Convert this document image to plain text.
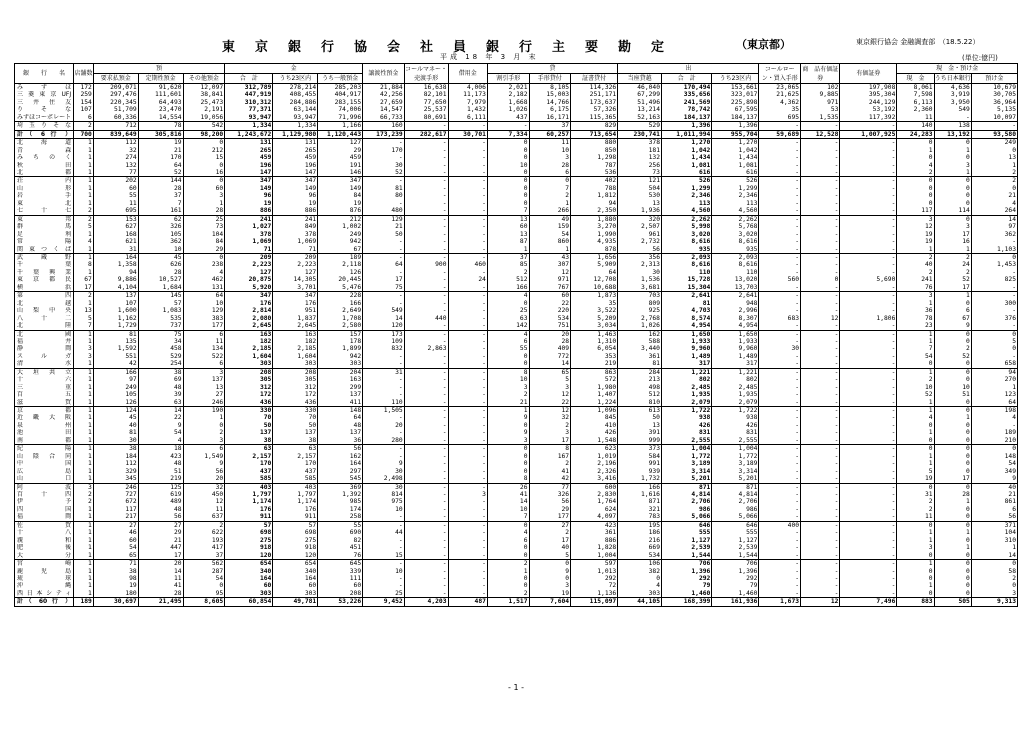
東京銀行協会社員銀行主要勘定	（東京都）	東京銀行協会 金融調査部　（18.5.22）
平成 18 年 3 月 末	(単位:億円)
銀　　行　　名	店舗数	預			金			譲渡性預金	コールマネー・売渡手形	借用金	貸			出			コールローン・買入手形	商　品有価証券	有価証券	現　金・預け金		
		要求払預金	定期性預金	その他預金	合　計	うち23区内	うち一般預金				割引手形	手形貸付	証書貸付	当座貸越	合　計	うち23区内				現　金	うち日本銀行	預け金
み ず ほ	172	209,071	91,620	12,097	312,789	278,214	285,203	21,884	16,638	4,006	2,021	8,105	114,326	46,040	170,494	153,661	23,065	102	197,908	8,061	4,636	10,679
三菱東京UFJ	259	297,476	111,601	38,841	447,919	408,455	404,917	42,256	82,101	11,173	2,182	15,003	251,171	67,299	335,656	323,017	21,625	9,885	395,304	7,598	3,919	30,705
三 井 住 友	154	220,345	64,493	25,473	310,312	284,886	283,155	27,659	77,650	7,979	1,668	14,766	173,637	51,496	241,569	225,898	4,362	971	244,129	6,113	3,950	36,964
り そ な	107	51,709	23,470	2,191	77,371	63,144	74,006	14,547	25,537	1,432	1,026	6,175	57,326	13,214	78,742	67,595	35	53	53,192	2,360	549	5,135
みずほコーポレート	6	60,336	14,554	19,056	93,947	93,947	71,996	66,733	80,691	6,111	437	16,171	115,365	52,163	184,137	184,137	695	1,535	117,392	11	-	10,097
埼 玉 り そ な	2	712	78	542	1,334	1,334	1,166	160	-	-	-	37	829	529	1,396	1,396	-	-	-	140	138	-
計（ 6 行 ）	700	839,649	305,816	98,200	1,243,672	1,129,980	1,120,443	173,239	282,617	30,701	7,334	60,257	713,654	230,741	1,011,994	955,704	59,689	12,528	1,007,925	24,283	13,192	93,580
北 海 道	1	112	19	0	131	131	127	-	-	-	0	11	880	378	1,270	1,270	-	-	-	0	0	249
青 森	1	32	21	212	265	265	29	170	-	-	0	10	850	181	1,042	1,042	-	-	-	1	1	0
み ち の く	1	274	170	15	459	459	459	-	-	-	0	3	1,298	132	1,434	1,434	-	-	-	0	0	13
秋 田	1	132	64	0	196	196	191	30	-	-	10	28	787	256	1,081	1,081	-	-	-	4	3	1
北 都	1	77	52	16	147	147	146	52	-	-	0	6	536	73	616	616	-	-	-	2	1	2
荘 内	1	202	144	0	347	347	347	-	-	-	0	0	402	121	526	526	-	-	-	0	0	2
山 形	1	60	28	60	149	149	149	81	-	-	0	7	788	504	1,299	1,299	-	-	-	0	0	0
岩 手	1	55	37	3	96	96	84	80	-	-	0	2	1,812	530	2,346	2,346	-	-	-	0	0	21
東 北	1	11	7	1	19	19	19	-	-	-	0	1	94	13	113	113	-	-	-	0	0	4
七 十 七	2	695	161	28	886	886	876	480	-	-	7	266	2,350	1,936	4,560	4,560	-	-	-	117	114	264
東 邦	2	153	62	25	241	241	212	129	-	-	13	49	1,880	320	2,262	2,262	-	-	-	3	0	14
群 馬	5	627	326	73	1,027	849	1,002	21	-	-	60	159	3,270	2,507	5,998	5,768	-	-	-	12	3	97
足 利	1	168	105	104	378	378	249	50	-	-	13	54	1,990	961	3,020	3,020	-	-	-	19	17	362
常 陽	4	621	362	84	1,069	1,069	942	-	-	-	87	860	4,935	2,732	8,616	8,616	-	-	-	19	16	-
関東つくば	1	31	10	29	71	71	67	-	-	-	1	1	878	56	935	935	-	-	-	1	1	1,103
武 蔵 野	1	164	45	0	209	209	189	-	-	-	37	43	1,656	356	2,093	2,093	-	-	-	2	2	0
千 葉	8	1,358	626	238	2,223	2,223	2,118	64	900	460	85	307	5,909	2,313	8,616	8,616	-	-	-	40	24	1,453
千 葉 興 業	1	94	28	4	127	127	126	-	-	-	2	12	64	30	110	110	-	-	-	2	2	-
東 京 都 民	67	9,886	10,527	462	20,875	14,305	20,445	17	-	24	512	971	12,708	1,536	15,728	13,020	560	0	5,690	241	52	825
横 浜	17	4,104	1,684	131	5,920	3,701	5,476	75	-	-	166	767	10,688	3,681	15,304	13,703	-	-	-	76	17	-
第 四	2	137	145	64	347	347	228	-	-	-	4	60	1,873	703	2,641	2,641	-	-	-	3	1	-
北 越	1	107	57	10	176	176	166	-	-	-	0	22	35	809	81	948	-	-	-	1	0	300
山 梨 中 央	13	1,600	1,083	129	2,814	951	2,649	549	-	-	25	220	3,522	925	4,703	2,996	-	-	-	36	6	-
八 十 二	5	1,162	535	383	2,080	1,837	1,708	14	440	-	63	534	5,209	2,768	8,574	8,307	683	12	1,806	78	67	376
北 陸	7	1,729	737	177	2,645	2,645	2,580	120	-	-	142	751	3,034	1,026	4,954	4,954	-	-	-	23	9	-
北 國	1	81	75	6	163	163	157	173	-	-	4	20	1,463	162	1,650	1,650	-	-	-	1	0	0
福 井	1	135	34	11	182	182	178	109	-	-	6	28	1,310	588	1,933	1,933	-	-	-	1	0	5
静 岡	3	1,592	458	134	2,185	2,185	1,899	832	2,863	-	55	409	6,054	3,440	9,960	9,960	30	-	-	7	2	0
ス ル ガ	3	551	529	522	1,604	1,604	942	-	-	-	0	772	353	361	1,489	1,489	-	-	-	54	52	-
清 水	1	42	254	6	303	303	303	-	-	-	0	14	219	81	317	317	-	-	-	0	0	658
大 垣 共 立	1	166	38	3	208	208	204	31	-	-	8	65	863	284	1,221	1,221	-	-	-	1	0	94
十 六	1	97	69	137	305	305	163	-	-	-	10	5	572	213	802	802	-	-	-	2	0	270
三 重	1	249	48	13	312	312	299	-	-	-	3	3	1,980	498	2,485	2,485	-	-	-	10	10	1
百 五	1	105	39	27	172	172	137	-	-	-	2	12	1,407	512	1,935	1,935	-	-	-	52	51	123
滋 賀	1	126	63	246	436	436	411	110	-	-	21	22	1,224	810	2,079	2,079	-	-	-	1	0	64
京 都	1	124	14	190	330	330	148	1,505	-	-	1	12	1,096	613	1,722	1,722	-	-	-	1	0	198
近 畿 大 阪	1	45	22	1	70	70	64	-	-	-	9	32	845	50	938	938	-	-	-	4	1	4
泉 州	1	40	9	0	50	50	48	20	-	-	0	2	410	13	426	426	-	-	-	0	0	-
池 田	1	81	54	2	137	137	137	-	-	-	9	3	426	391	831	831	-	-	-	1	0	189
南 都	1	30	4	3	38	38	36	280	-	-	3	17	1,548	999	2,555	2,555	-	-	-	0	0	210
紀 陽	1	38	18	6	63	63	56	-	-	-	0	8	623	373	1,004	1,004	-	-	-	0	0	0
山 陰 合 同	1	184	423	1,549	2,157	2,157	162	-	-	-	0	167	1,019	584	1,772	1,772	-	-	-	1	0	148
中 国	1	112	48	9	170	170	164	9	-	-	0	2	2,196	991	3,189	3,189	-	-	-	1	0	54
広 島	1	329	51	56	437	437	297	30	-	-	0	41	2,326	939	3,314	3,314	-	-	-	5	0	349
山 口	1	345	219	20	585	585	545	2,498	-	-	8	42	3,416	1,732	5,201	5,201	-	-	-	19	17	9
阿 波	3	246	125	32	403	403	369	30	-	-	26	77	600	166	871	871	-	-	-	0	0	40
百 十 四	2	727	619	450	1,797	1,797	1,392	814	-	3	41	326	2,830	1,616	4,814	4,814	-	-	-	31	28	21
伊 予	2	672	489	12	1,174	1,174	985	975	-	-	14	56	1,764	871	2,706	2,706	-	-	-	2	1	861
四 国	1	117	48	11	176	176	174	10	-	-	10	29	624	321	986	986	-	-	-	2	0	6
福 岡	1	217	56	637	911	911	258	-	-	-	7	177	4,097	783	5,066	5,066	-	-	-	11	0	56
佐 賀	1	27	27	2	57	57	55	-	-	-	0	27	423	195	646	646	400	-	-	0	0	371
十 八	1	46	29	622	698	698	690	44	-	-	4	2	361	186	555	555	-	-	-	1	1	104
親 和	1	60	21	193	275	275	82	-	-	-	6	17	886	216	1,127	1,127	-	-	-	1	0	310
肥 後	1	54	447	417	918	918	451	-	-	-	0	40	1,828	669	2,539	2,539	-	-	-	3	1	1
大 分	1	65	17	37	120	120	76	15	-	-	0	5	1,004	534	1,544	1,544	-	-	-	0	0	14
宮 崎	1	71	20	562	654	654	645	-	-	-	2	0	597	106	706	706	-	-	-	1	0	0
鹿 児 島	1	38	14	287	340	340	339	10	-	-	1	9	1,013	382	1,396	1,396	-	-	-	0	0	58
琉 球	1	98	11	54	164	164	111	-	-	-	0	0	292	0	292	292	-	-	-	0	0	2
沖 縄	1	19	41	0	60	60	60	-	-	-	0	3	72	4	79	79	-	-	-	1	0	0
西日本シティ	1	180	28	95	303	303	208	25	-	-	2	19	1,136	303	1,460	1,460	-	-	-	0	0	3
計（ 60 行 ）	189	30,697	21,495	8,605	60,854	49,781	53,226	9,452	4,203	487	1,517	7,604	115,097	44,105	168,399	161,936	1,673	12	7,496	883	505	9,313
- 1 -
